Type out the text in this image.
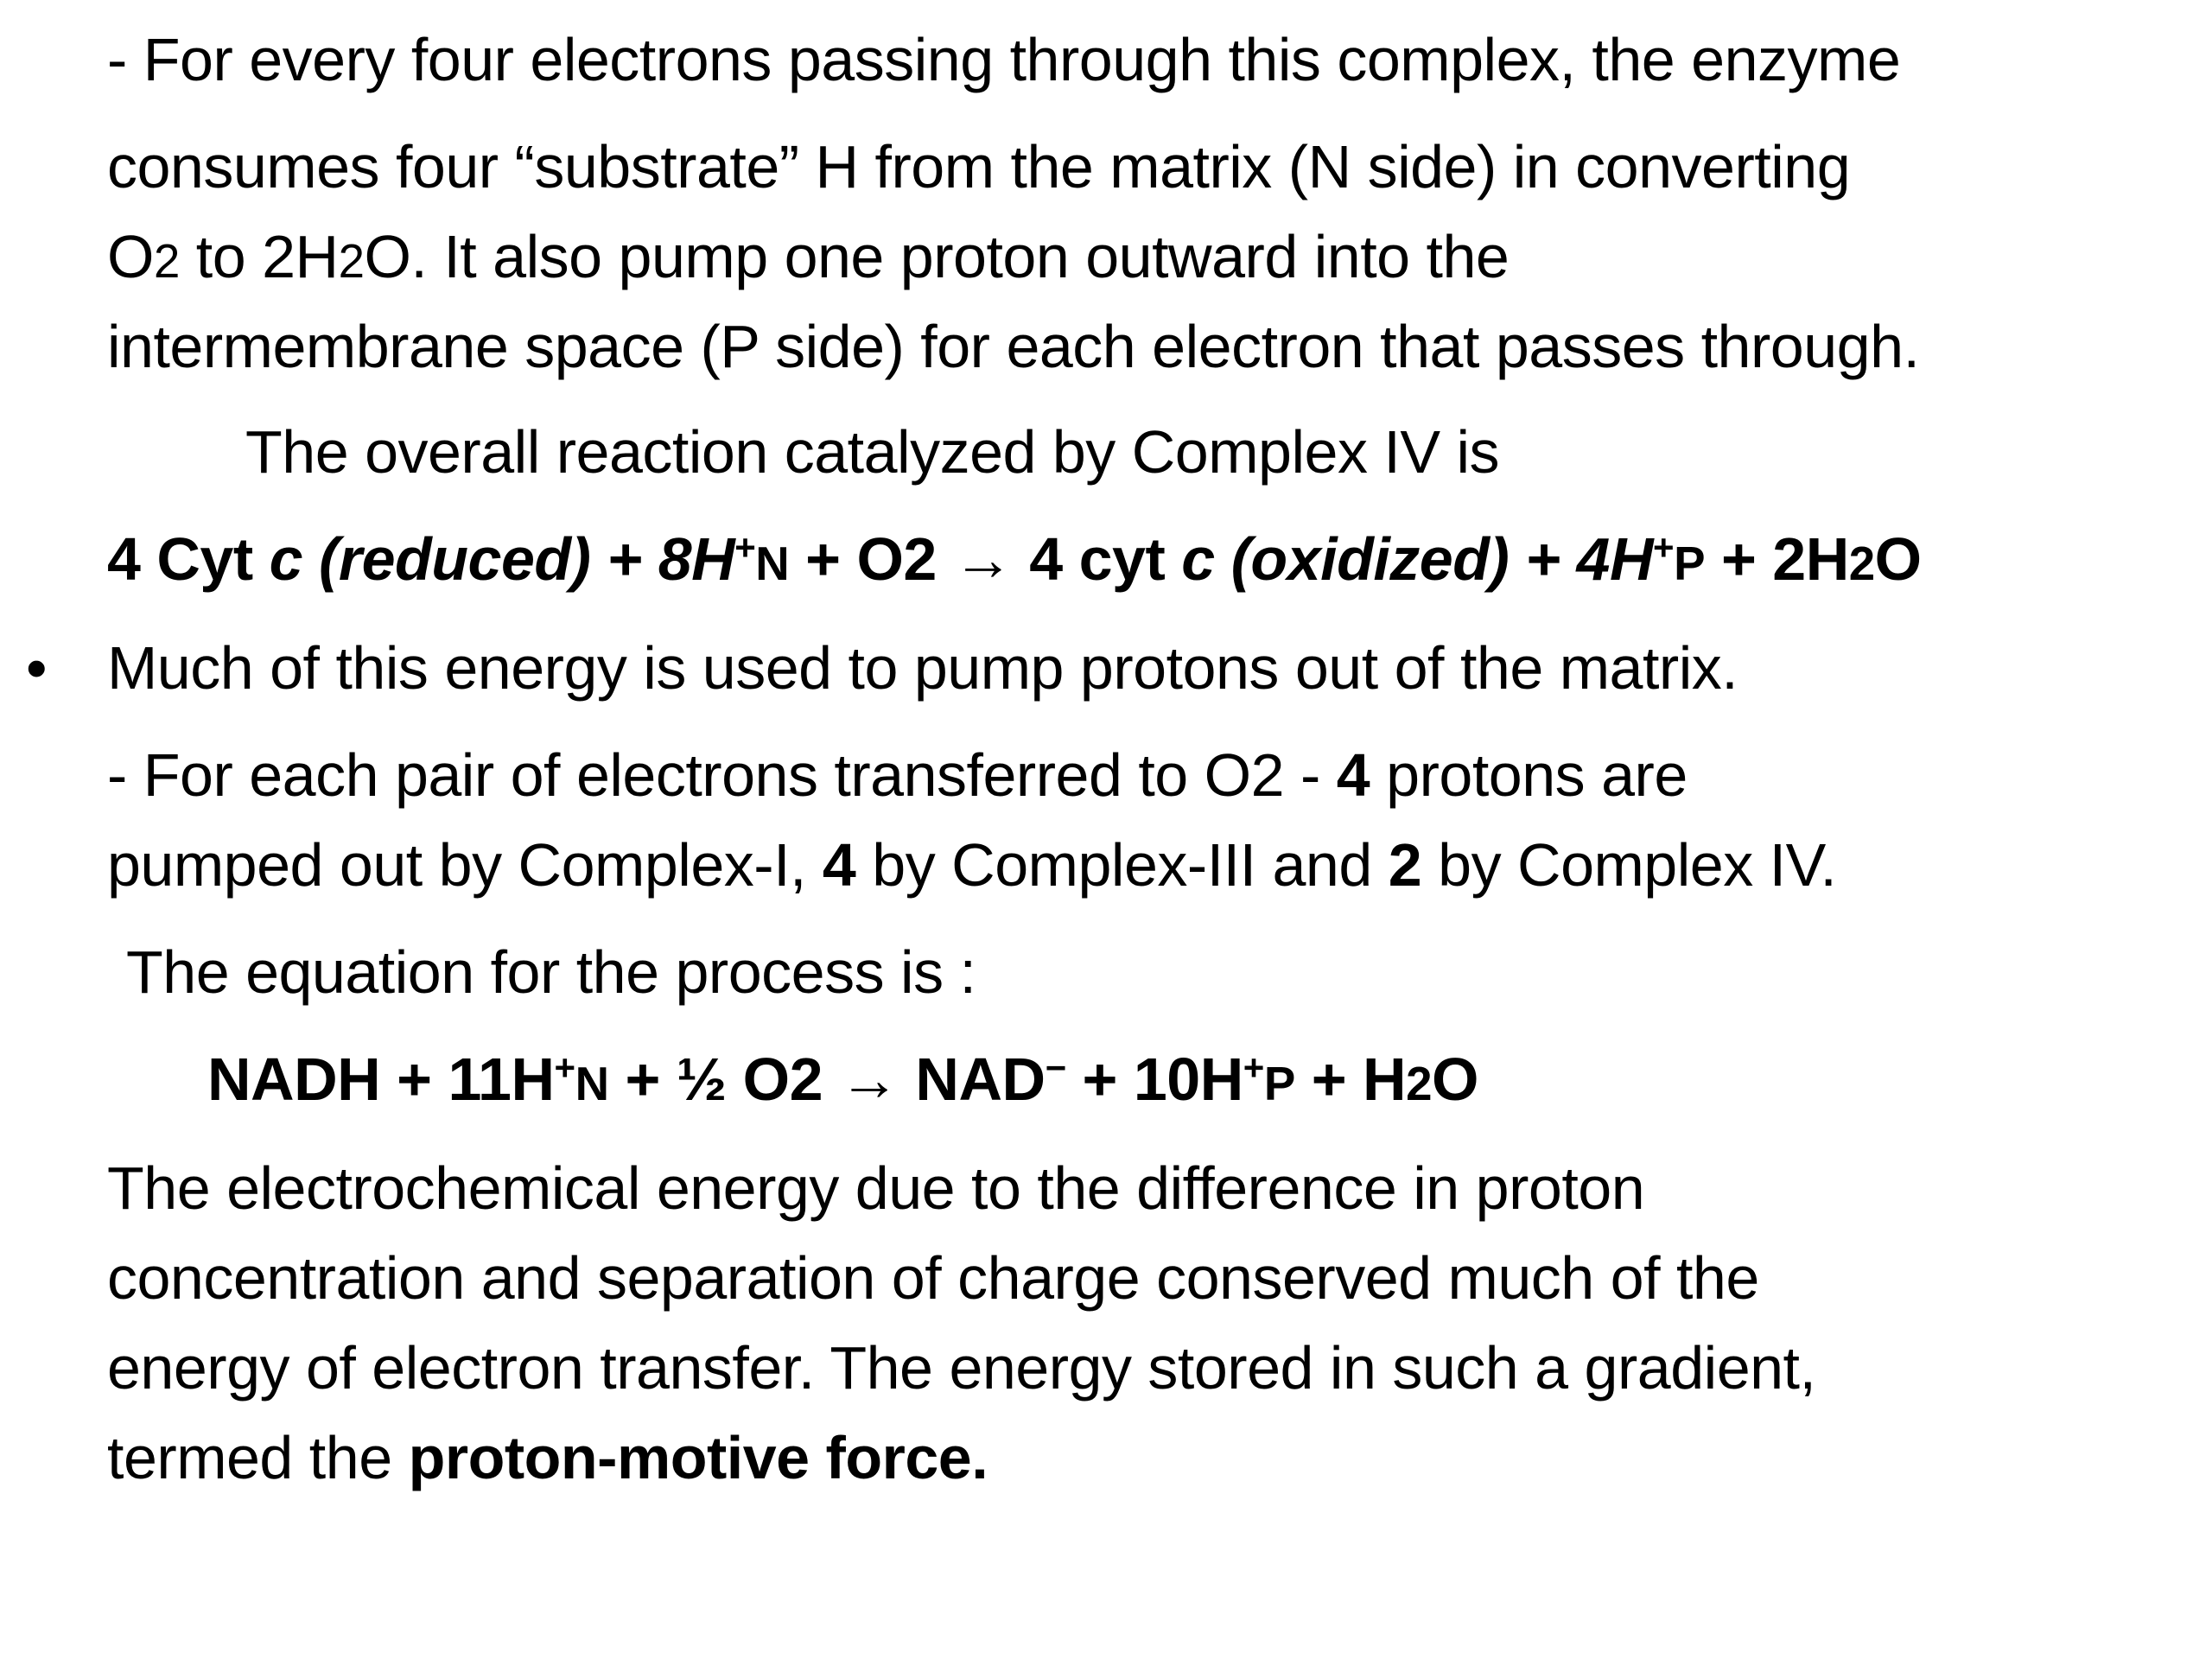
- For every four electrons passing through this complex, the enzyme
consumes four “substrate” H from the matrix (N side) in converting
O2 to 2H2O. It also pump one proton outward into the
intermembrane space (P side) for each electron that passes through.
The overall reaction catalyzed by Complex IV is
4 Cyt c (reduced) + 8H+N + O2 → 4 cyt c (oxidized) + 4H+P + 2H2O
• Much of this energy is used to pump protons out of the matrix.
- For each pair of electrons transferred to O2 - 4 protons are
pumped out by Complex-I, 4 by Complex-III and 2 by Complex IV.
The equation for the process is :
NADH + 11H+N + ½ O2 → NAD− + 10H+P + H2O
The electrochemical energy due to the difference in proton
concentration and separation of charge conserved much of the
energy of electron transfer. The energy stored in such a gradient,
termed the proton-motive force.
